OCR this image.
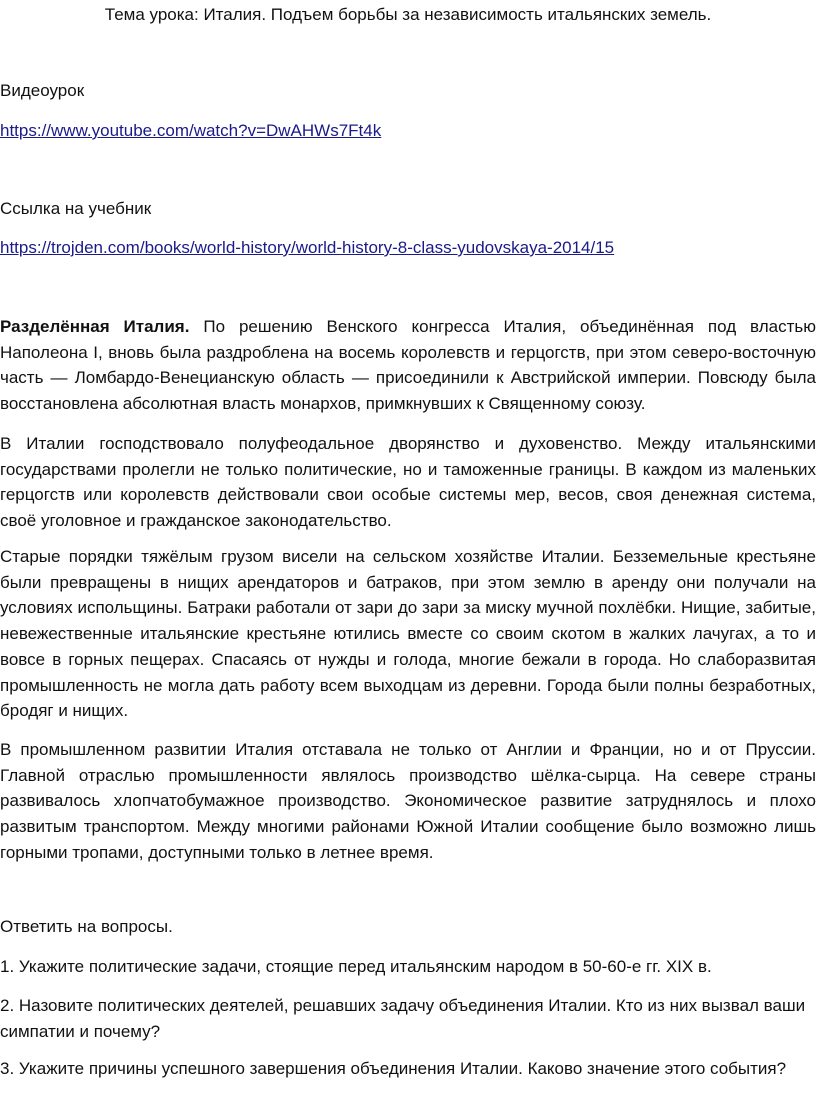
Тема урока: Италия. Подъем борьбы за независимость итальянских земель.
Видеоурок
https://www.youtube.com/watch?v=DwAHWs7Ft4k
Ссылка на учебник
https://trojden.com/books/world-history/world-history-8-class-yudovskaya-2014/15
Разделённая Италия. По решению Венского конгресса Италия, объединённая под властью Наполеона I, вновь была раздроблена на восемь королевств и герцогств, при этом северо-восточную часть — Ломбардо-Венецианскую область — присоединили к Австрийской империи. Повсюду была восстановлена абсолютная власть монархов, примкнувших к Священному союзу.
В Италии господствовало полуфеодальное дворянство и духовенство. Между итальянскими государствами пролегли не только политические, но и таможенные границы. В каждом из маленьких герцогств или королевств действовали свои особые системы мер, весов, своя денежная система, своё уголовное и гражданское законодательство.
Старые порядки тяжёлым грузом висели на сельском хозяйстве Италии. Безземельные крестьяне были превращены в нищих арендаторов и батраков, при этом землю в аренду они получали на условиях испольщины. Батраки работали от зари до зари за миску мучной похлёбки. Нищие, забитые, невежественные итальянские крестьяне ютились вместе со своим скотом в жалких лачугах, а то и вовсе в горных пещерах. Спасаясь от нужды и голода, многие бежали в города. Но слаборазвитая промышленность не могла дать работу всем выходцам из деревни. Города были полны безработных, бродяг и нищих.
В промышленном развитии Италия отставала не только от Англии и Франции, но и от Пруссии. Главной отраслью промышленности являлось производство шёлка-сырца. На севере страны развивалось хлопчатобумажное производство. Экономическое развитие затруднялось и плохо развитым транспортом. Между многими районами Южной Италии сообщение было возможно лишь горными тропами, доступными только в летнее время.
Ответить на вопросы.
1. Укажите политические задачи, стоящие перед итальянским народом в 50-60-е гг. XIX в.
2. Назовите политических деятелей, решавших задачу объединения Италии. Кто из них вызвал ваши симпатии и почему?
3. Укажите причины успешного завершения объединения Италии. Каково значение этого события?
